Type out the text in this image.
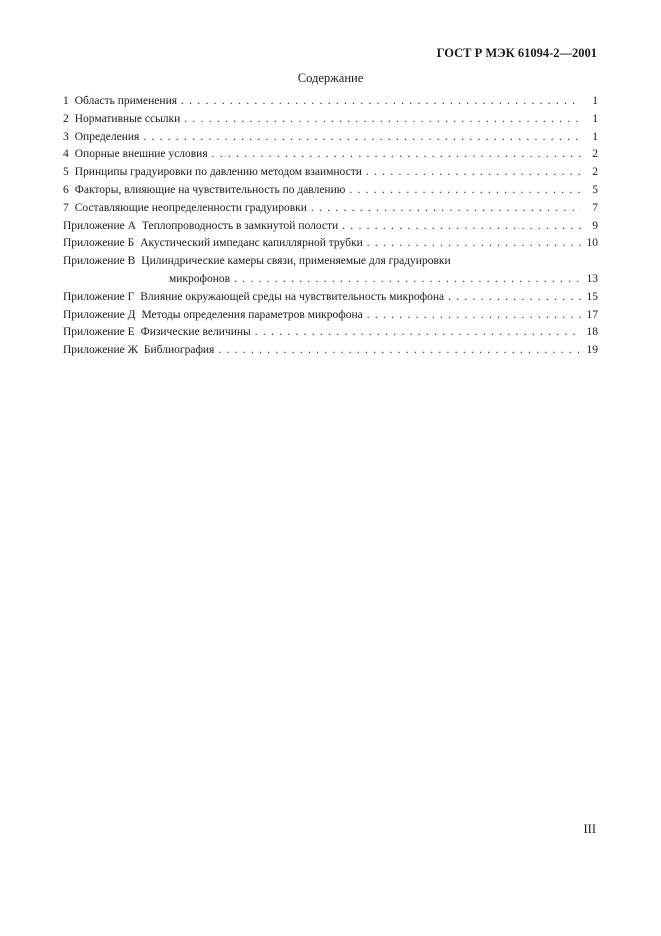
ГОСТ Р МЭК 61094-2—2001
Содержание
1 Область применения . . .	1
2 Нормативные ссылки . . .	1
3 Определения . . .	1
4 Опорные внешние условия . . .	2
5 Принципы градуировки по давлению методом взаимности . . .	2
6 Факторы, влияющие на чувствительность по давлению . . .	5
7 Составляющие неопределенности градуировки . . .	7
Приложение А Теплопроводность в замкнутой полости . . .	9
Приложение Б Акустический импеданс капиллярной трубки . . .	10
Приложение В Цилиндрические камеры связи, применяемые для градуировки
микрофонов . . .	13
Приложение Г Влияние окружающей среды на чувствительность микрофона . . .	15
Приложение Д Методы определения параметров микрофона . . .	17
Приложение Е Физические величины . . .	18
Приложение Ж Библиография . . .	19
III
